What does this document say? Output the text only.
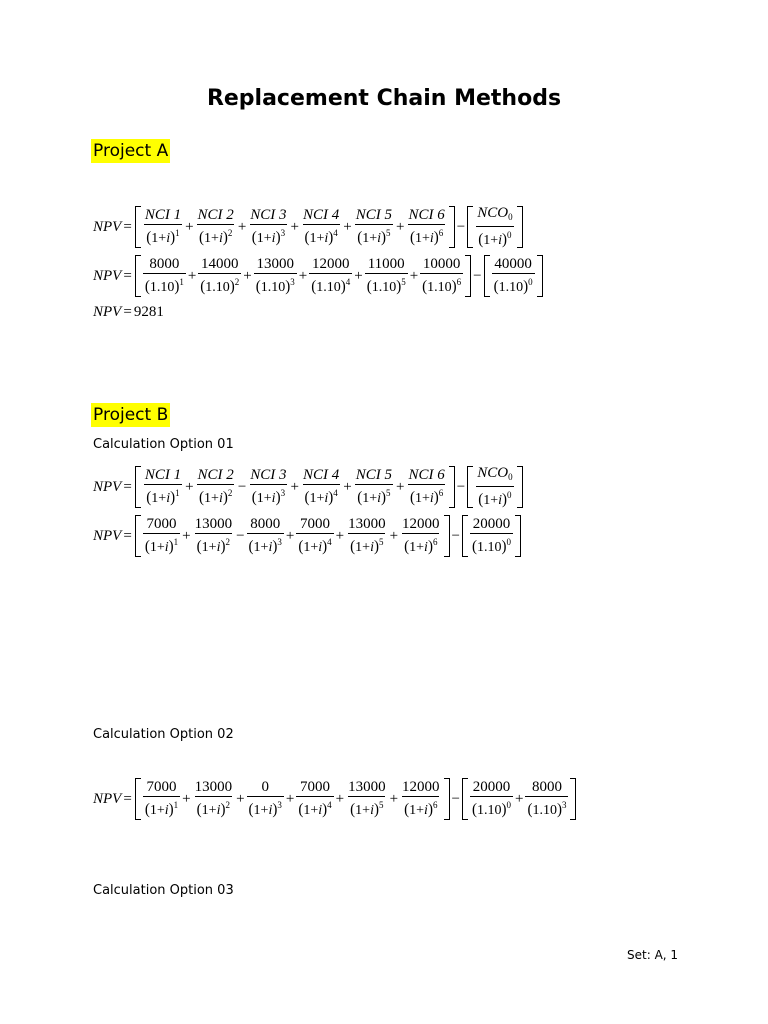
Replacement Chain Methods
Project A
NPV = $\frac{\text{NCI 1}}{(1+i)^1} + \frac{\text{NCI 2}}{(1+i)^2} + \frac{\text{NCI 3}}{(1+i)^3} + \frac{\text{NCI 4}}{(1+i)^4} + \frac{\text{NCI 5}}{(1+i)^5} + \frac{\text{NCI 6}}{(1+i)^6} - \frac{NCO_0}{(1+i)^0}$
NPV = $\frac{8000}{(1.10)^1} + \frac{14000}{(1.10)^2} + \frac{13000}{(1.10)^3} + \frac{12000}{(1.10)^4} + \frac{11000}{(1.10)^5} + \frac{10000}{(1.10)^6} - \frac{40000}{(1.10)^0}$
NPV = 9281
Project B
Calculation Option 01
NPV = $\frac{\text{NCI 1}}{(1+i)^1} + \frac{\text{NCI 2}}{(1+i)^2} - \frac{\text{NCI 3}}{(1+i)^3} + \frac{\text{NCI 4}}{(1+i)^4} + \frac{\text{NCI 5}}{(1+i)^5} + \frac{\text{NCI 6}}{(1+i)^6} - \frac{NCO_0}{(1+i)^0}$
NPV = $\frac{7000}{(1+i)^1} + \frac{13000}{(1+i)^2} - \frac{8000}{(1+i)^3} + \frac{7000}{(1+i)^4} + \frac{13000}{(1+i)^5} + \frac{12000}{(1+i)^6} - \frac{20000}{(1.10)^0}$
Calculation Option 02
NPV = $\frac{7000}{(1+i)^1} + \frac{13000}{(1+i)^2} + \frac{0}{(1+i)^3} + \frac{7000}{(1+i)^4} + \frac{13000}{(1+i)^5} + \frac{12000}{(1+i)^6} - \frac{20000}{(1.10)^0} + \frac{8000}{(1.10)^3}$
Calculation Option 03
Set: A, 1
